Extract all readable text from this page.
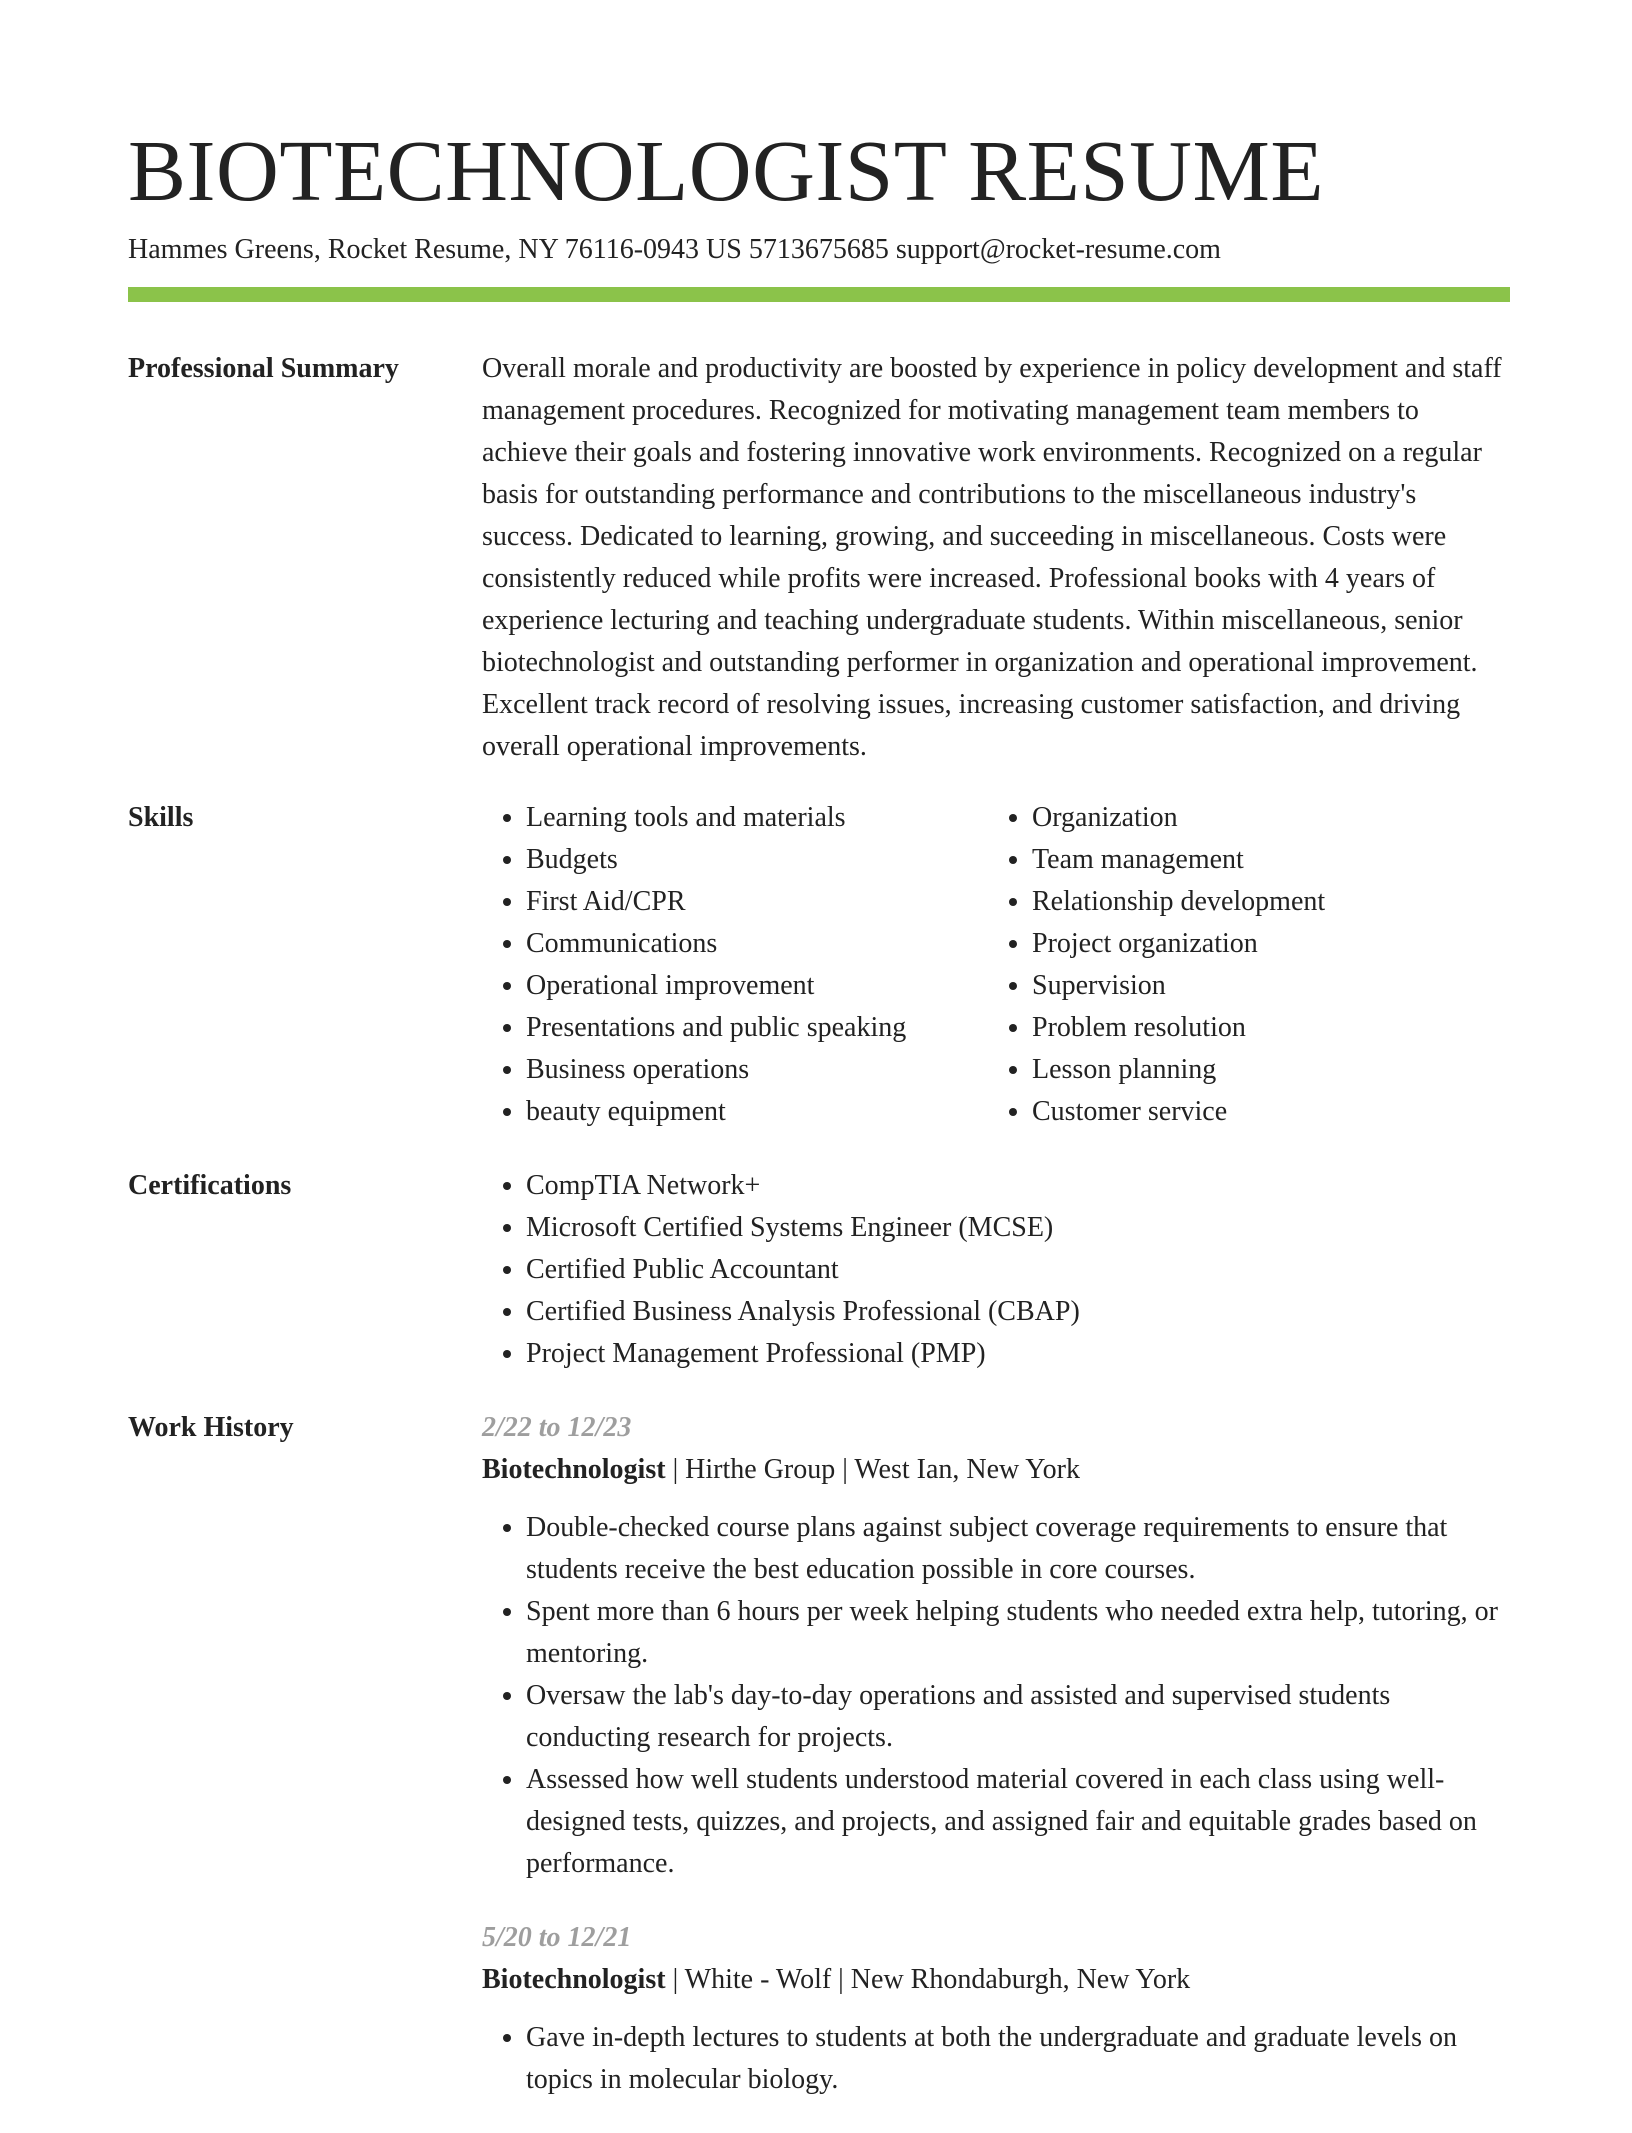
BIOTECHNOLOGIST RESUME
Hammes Greens, Rocket Resume, NY 76116-0943 US 5713675685 support@rocket-resume.com
Professional Summary	Overall morale and productivity are boosted by experience in policy development and staff management procedures. Recognized for motivating management team members to achieve their goals and fostering innovative work environments. Recognized on a regular basis for outstanding performance and contributions to the miscellaneous industry's success. Dedicated to learning, growing, and succeeding in miscellaneous. Costs were consistently reduced while profits were increased. Professional books with 4 years of experience lecturing and teaching undergraduate students. Within miscellaneous, senior biotechnologist and outstanding performer in organization and operational improvement. Excellent track record of resolving issues, increasing customer satisfaction, and driving overall operational improvements.

Skills	• Learning tools and materials
• Budgets
• First Aid/CPR
• Communications
• Operational improvement
• Presentations and public speaking
• Business operations
• beauty equipment
• Organization
• Team management
• Relationship development
• Project organization
• Supervision
• Problem resolution
• Lesson planning
• Customer service
Certifications	• CompTIA Network+
• Microsoft Certified Systems Engineer (MCSE)
• Certified Public Accountant
• Certified Business Analysis Professional (CBAP)
• Project Management Professional (PMP)
Work History	2/22 to 12/23
Biotechnologist | Hirthe Group | West Ian, New York
• Double-checked course plans against subject coverage requirements to ensure that students receive the best education possible in core courses.
• Spent more than 6 hours per week helping students who needed extra help, tutoring, or mentoring.
• Oversaw the lab's day-to-day operations and assisted and supervised students conducting research for projects.
• Assessed how well students understood material covered in each class using well-designed tests, quizzes, and projects, and assigned fair and equitable grades based on performance.
5/20 to 12/21
Biotechnologist | White - Wolf | New Rhondaburgh, New York
• Gave in-depth lectures to students at both the undergraduate and graduate levels on topics in molecular biology.
